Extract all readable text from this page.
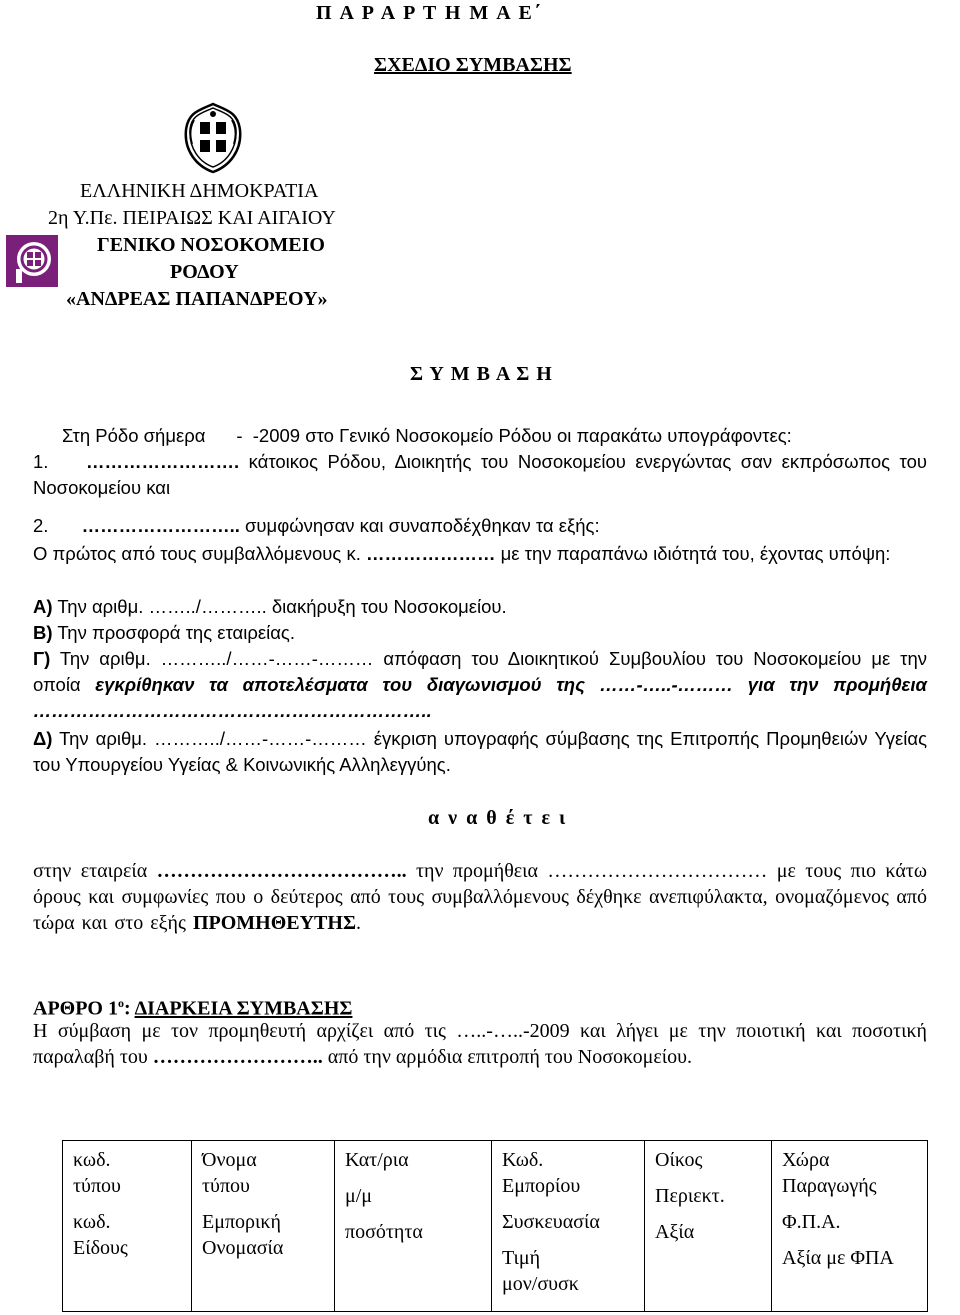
Π Α Ρ Α Ρ Τ Η Μ Α Ε΄
ΣΧΕΔΙΟ ΣΥΜΒΑΣΗΣ
ΕΛΛΗΝΙΚΗ ΔΗΜΟΚΡΑΤΙΑ
2η Υ.Πε. ΠΕΙΡΑΙΩΣ ΚΑΙ ΑΙΓΑΙΟΥ
ΓΕΝΙΚΟ ΝΟΣΟΚΟΜΕΙΟ
ΡΟΔΟΥ
«ΑΝΔΡΕΑΣ ΠΑΠΑΝΔΡΕΟΥ»
Σ Υ Μ Β Α Σ Η
Στη Ρόδο σήμερα      -  -2009 στο Γενικό Νοσοκομείο Ρόδου οι παρακάτω υπογράφοντες:
1. ……………………. κάτοικος Ρόδου, Διοικητής του Νοσοκομείου ενεργώντας σαν εκπρόσωπος του Νοσοκομείου και
2. …………………….. συμφώνησαν και συναποδέχθηκαν τα εξής:
Ο πρώτος από τους συμβαλλόμενους κ. ………………… με την παραπάνω ιδιότητά του, έχοντας υπόψη:
Α) Την αριθμ. ……../……….. διακήρυξη του Νοσοκομείου.
Β) Την προσφορά της εταιρείας.
Γ) Την αριθμ. ………../……-……-……… απόφαση του Διοικητικού Συμβουλίου του Νοσοκομείου με την οποία εγκρίθηκαν τα αποτελέσματα του διαγωνισμού της ……-…..-……… για την προμήθεια ………………………………………………………..
Δ) Την αριθμ. ………../……-……-……… έγκριση υπογραφής σύμβασης της Επιτροπής Προμηθειών Υγείας του Υπουργείου Υγείας & Κοινωνικής Αλληλεγγύης.
α ν α θ έ τ ε ι
στην εταιρεία ……………………………….. την προμήθεια …………………………… με τους πιο κάτω όρους και συμφωνίες που ο δεύτερος από τους συμβαλλόμενους δέχθηκε ανεπιφύλακτα, ονομαζόμενος από τώρα και στο εξής ΠΡΟΜΗΘΕΥΤΗΣ.
ΑΡΘΡΟ $1^o$: ΔΙΑΡΚΕΙΑ ΣΥΜΒΑΣΗΣ
Η σύμβαση με τον προμηθευτή αρχίζει από τις …..-…..-2009 και λήγει με την ποιοτική και ποσοτική παραλαβή του …………………….. από την αρμόδια επιτροπή του Νοσοκομείου.
κωδ.
τύπου
κωδ.
Είδους

Όνομα
τύπου
Εμπορική
Ονομασία

Κατ/ρια
μ/μ
ποσότητα

Κωδ.
Εμπορίου
Συσκευασία
Τιμή
μον/συσκ

Οίκος
Περιεκτ.
Αξία

Χώρα
Παραγωγής
Φ.Π.Α.
Αξία με ΦΠΑ
